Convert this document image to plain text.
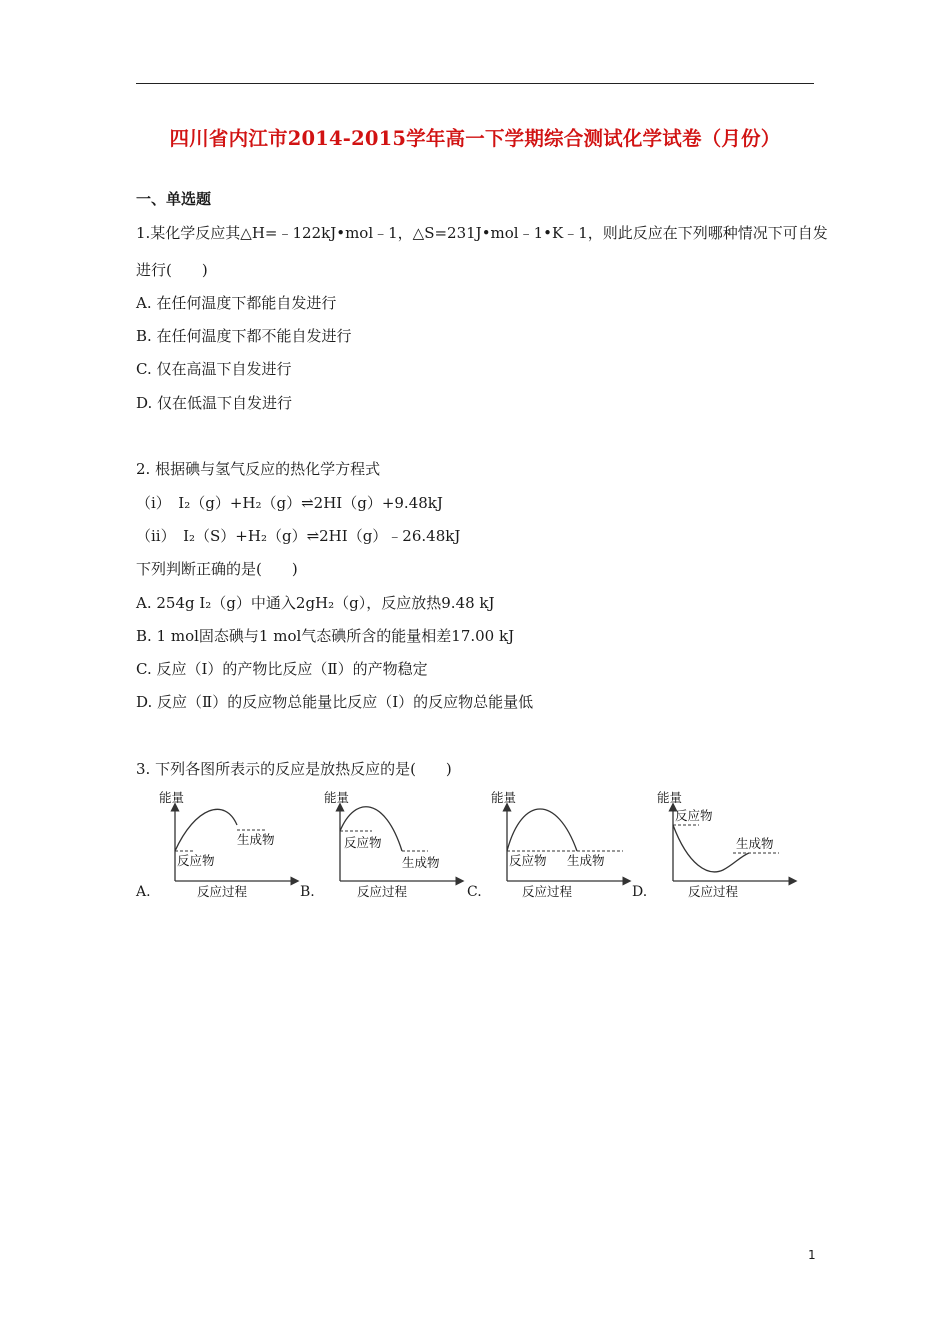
四川省内江市2014-2015学年高一下学期综合测试化学试卷（月份）
一、单选题
1.某化学反应其△H=﹣122kJ•mol﹣1，△S=231J•mol﹣1•K﹣1，则此反应在下列哪种情况下可自发
进行(　　)
A. 在任何温度下都能自发进行
B. 在任何温度下都不能自发进行
C. 仅在高温下自发进行
D. 仅在低温下自发进行
2. 根据碘与氢气反应的热化学方程式
（i）　I₂（g）+H₂（g）⇌2HI（g）+9.48kJ
（ii）　I₂（S）+H₂（g）⇌2HI（g）﹣26.48kJ
下列判断正确的是(　　)
A. 254g I₂（g）中通入2gH₂（g），反应放热9.48 kJ
B. 1 mol固态碘与1 mol气态碘所含的能量相差17.00 kJ
C. 反应（Ⅰ）的产物比反应（Ⅱ）的产物稳定
D. 反应（Ⅱ）的反应物总能量比反应（Ⅰ）的反应物总能量低
3. 下列各图所表示的反应是放热反应的是(　　)
A.
能量
反应过程
反应物
生成物
B.
能量
反应过程
反应物
生成物
C.
能量
反应过程
反应物 生成物
D.
能量
反应过程
反应物
生成物
1
